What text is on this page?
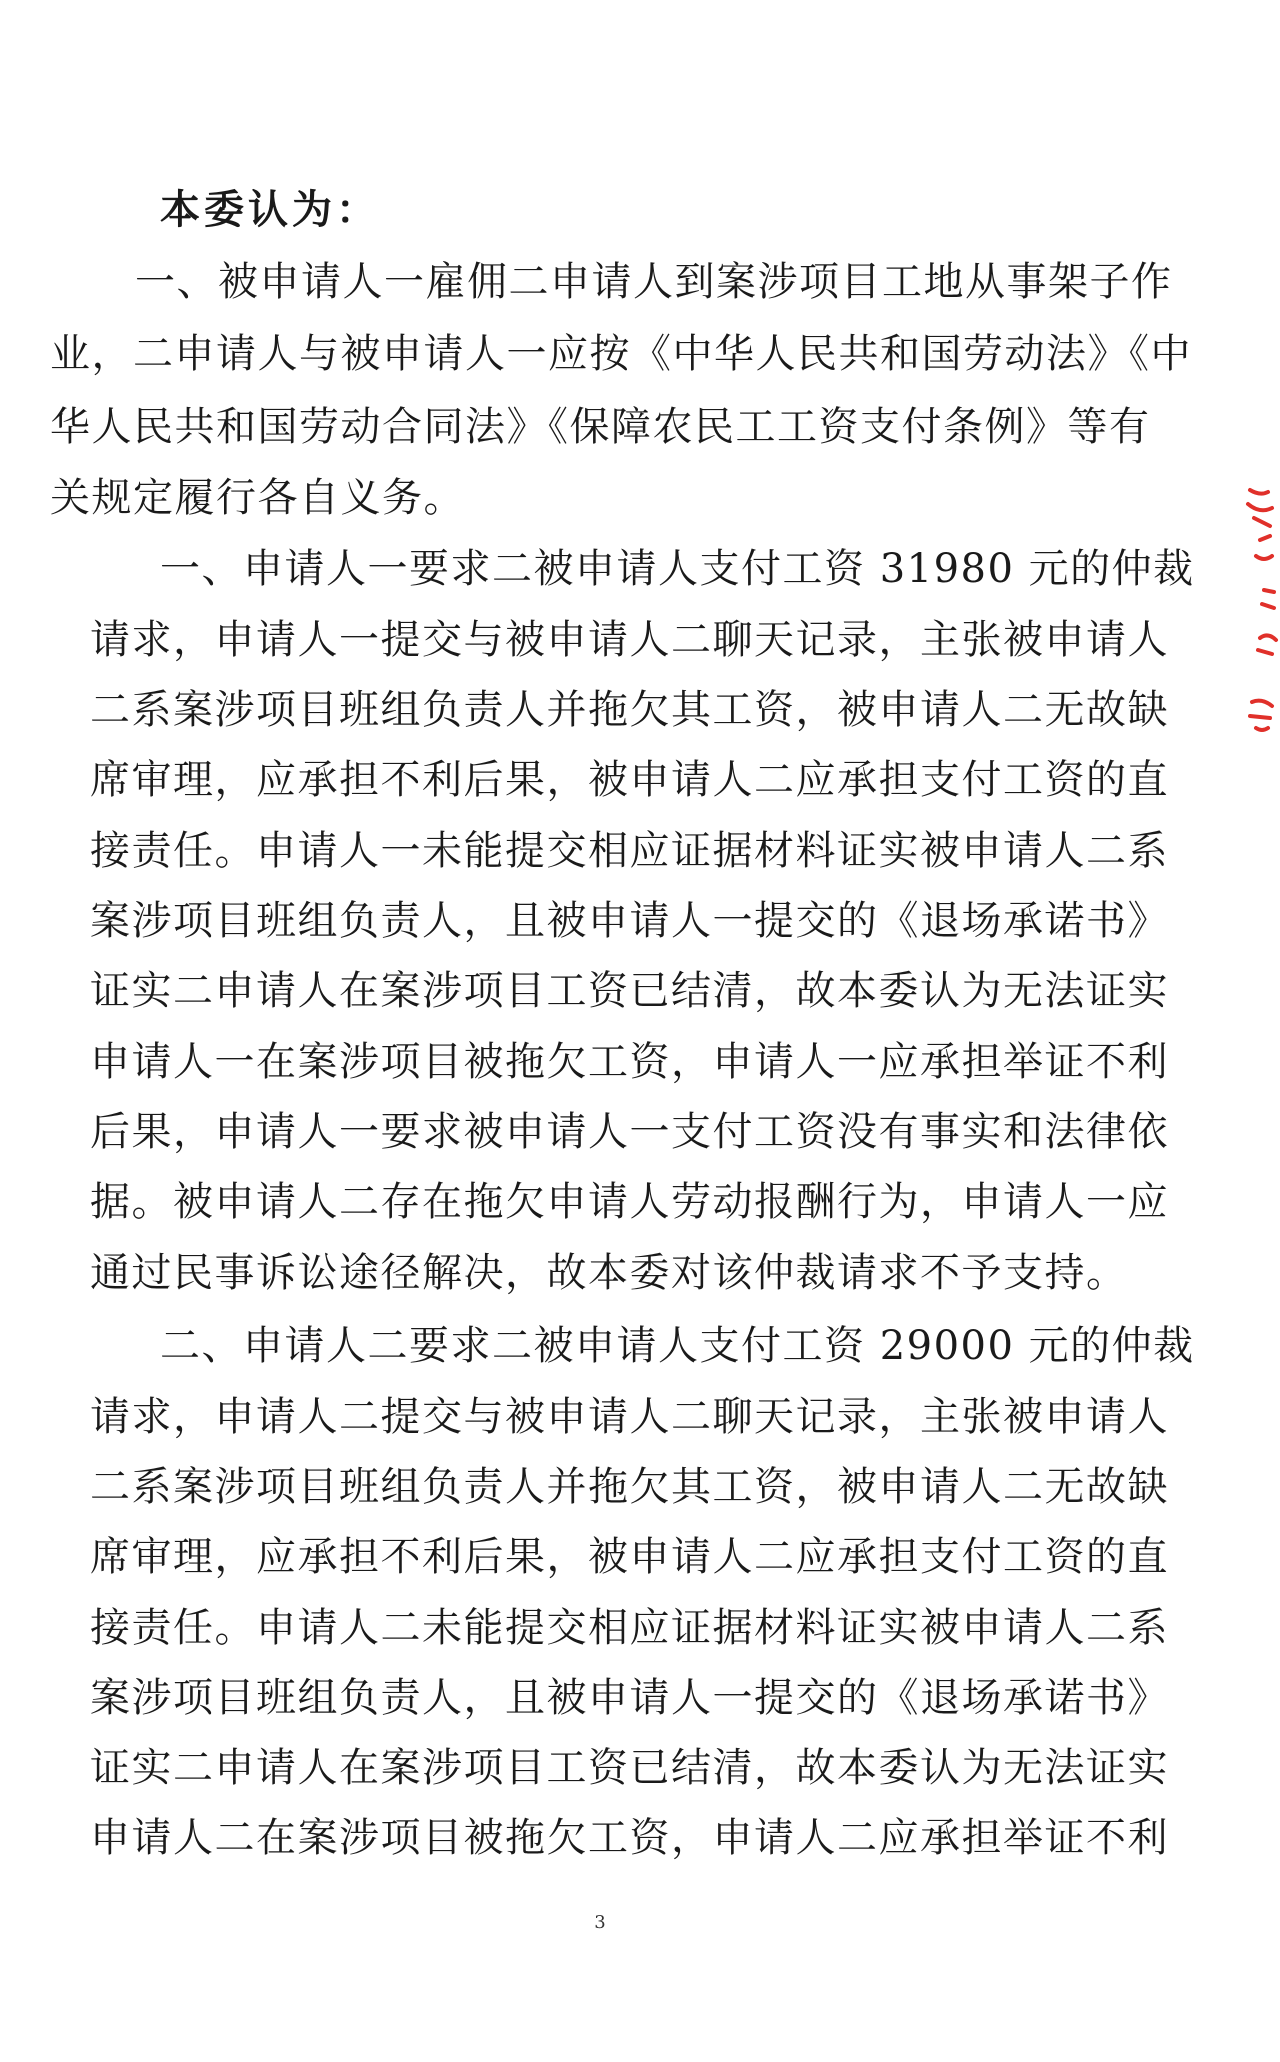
本委认为：

一、被申请人一雇佣二申请人到案涉项目工地从事架子作

业，二申请人与被申请人一应按《中华人民共和国劳动法》《中

华人民共和国劳动合同法》《保障农民工工资支付条例》等有

关规定履行各自义务。

一、申请人一要求二被申请人支付工资 31980 元的仲裁

请求，申请人一提交与被申请人二聊天记录，主张被申请人

二系案涉项目班组负责人并拖欠其工资，被申请人二无故缺

席审理，应承担不利后果，被申请人二应承担支付工资的直

接责任。申请人一未能提交相应证据材料证实被申请人二系

案涉项目班组负责人，且被申请人一提交的《退场承诺书》

证实二申请人在案涉项目工资已结清，故本委认为无法证实

申请人一在案涉项目被拖欠工资，申请人一应承担举证不利

后果，申请人一要求被申请人一支付工资没有事实和法律依

据。被申请人二存在拖欠申请人劳动报酬行为，申请人一应

通过民事诉讼途径解决，故本委对该仲裁请求不予支持。

二、申请人二要求二被申请人支付工资 29000 元的仲裁

请求，申请人二提交与被申请人二聊天记录，主张被申请人

二系案涉项目班组负责人并拖欠其工资，被申请人二无故缺

席审理，应承担不利后果，被申请人二应承担支付工资的直

接责任。申请人二未能提交相应证据材料证实被申请人二系

案涉项目班组负责人，且被申请人一提交的《退场承诺书》

证实二申请人在案涉项目工资已结清，故本委认为无法证实

申请人二在案涉项目被拖欠工资，申请人二应承担举证不利

3
